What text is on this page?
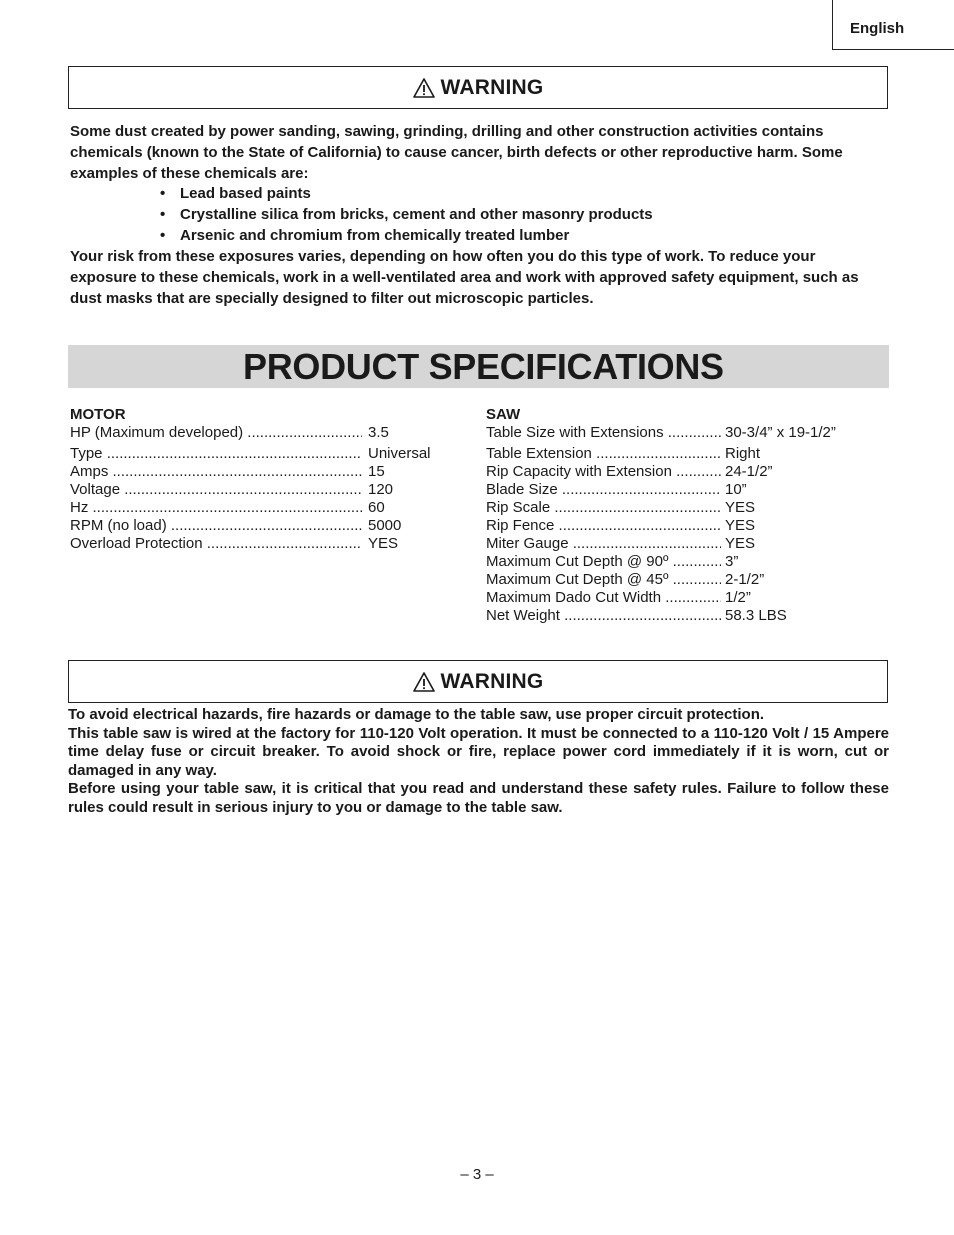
English
WARNING

Some dust created by power sanding, sawing, grinding, drilling and other construction activities contains chemicals (known to the State of California) to cause cancer, birth defects or other reproductive harm. Some examples of these chemicals are:

• Lead based paints
• Crystalline silica from bricks, cement and other masonry products
• Arsenic and chromium from chemically treated lumber

Your risk from these exposures varies, depending on how often you do this type of work. To reduce your exposure to these chemicals, work in a well-ventilated area and work with approved safety equipment, such as dust masks that are specially designed to filter out microscopic particles.

PRODUCT SPECIFICATIONS
MOTOR
HP (Maximum developed) .....	3.5
Type .....	Universal
Amps .....	15
Voltage .....	120
Hz .....	60
RPM (no load) .....	5000
Overload Protection .....	YES
SAW
Table Size with Extensions .....	30-3/4” x 19-1/2”
Table Extension .....	Right
Rip Capacity with Extension .....	24-1/2”
Blade Size .....	10”
Rip Scale .....	YES
Rip Fence .....	YES
Miter Gauge .....	YES
Maximum Cut Depth @ 90º .....	3”
Maximum Cut Depth @ 45º .....	2-1/2”
Maximum Dado Cut Width .....	1/2”
Net Weight .....	58.3 LBS
WARNING
To avoid electrical hazards, fire hazards or damage to the table saw, use proper circuit protection.
This table saw is wired at the factory for 110-120 Volt operation. It must be connected to a 110-120 Volt / 15 Ampere time delay fuse or circuit breaker. To avoid shock or fire, replace power cord immediately if it is worn, cut or damaged in any way.
Before using your table saw, it is critical that you read and understand these safety rules. Failure to follow these rules could result in serious injury to you or damage to the table saw.
– 3 –
